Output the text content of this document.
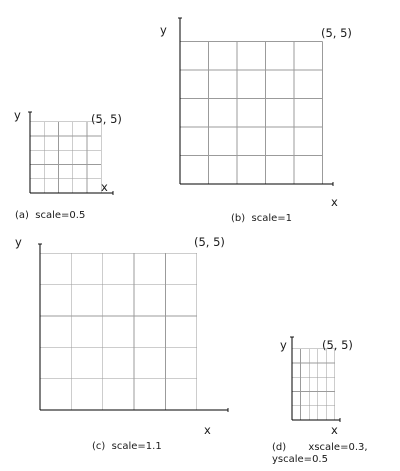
y
x
(5, 5)
(a)  scale=0.5
y
x
(5, 5)
(b)  scale=1
y
x
(5, 5)
(c)  scale=1.1
y
x
(5, 5)
(d)       xscale=0.3,
yscale=0.5
